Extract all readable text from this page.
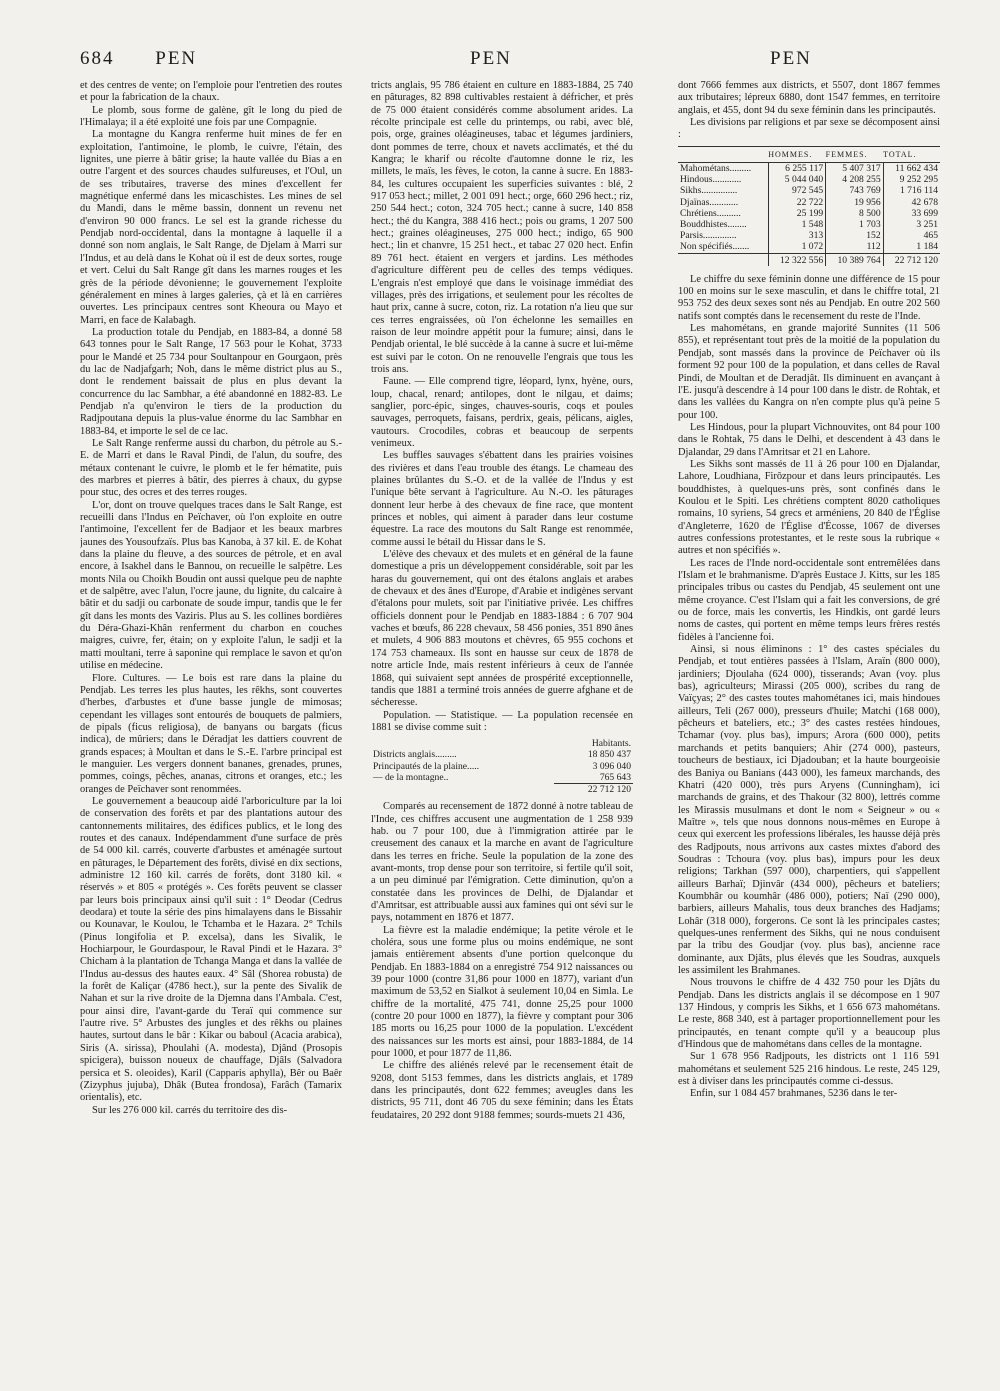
684 PEN	PEN	PEN

et des centres de vente; on l'emploie pour l'entretien des routes et pour la fabrication de la chaux.

Le plomb, sous forme de galène, gît le long du pied de l'Himalaya; il a été exploité une fois par une Compagnie.

La montagne du Kangra renferme huit mines de fer en exploitation, l'antimoine, le plomb, le cuivre, l'étain, des lignites, une pierre à bâtir grise; la haute vallée du Bias a en outre l'argent et des sources chaudes sulfureuses, et l'Oul, un de ses tributaires, traverse des mines d'excellent fer magnétique enfermé dans les micaschistes. Les mines de sel du Mandi, dans le même bassin, donnent un revenu net d'environ 90 000 francs. Le sel est la grande richesse du Pendjab nord-occidental, dans la montagne à laquelle il a donné son nom anglais, le Salt Range, de Djelam à Marri sur l'Indus, et au delà dans le Kohat où il est de deux sortes, rouge et vert. Celui du Salt Range gît dans les marnes rouges et les grès de la période dévonienne; le gouvernement l'exploite généralement en mines à larges galeries, çà et là en carrières ouvertes. Les principaux centres sont Kheoura ou Mayo et Marri, en face de Kalabagh.

La production totale du Pendjab, en 1883-84, a donné 58 643 tonnes pour le Salt Range, 17 563 pour le Kohat, 3733 pour le Mandé et 25 734 pour Soultanpour en Gourgaon, près du lac de Nadjafgarh; Noh, dans le même district plus au S., dont le rendement baissait de plus en plus devant la concurrence du lac Sambhar, a été abandonné en 1882-83. Le Pendjab n'a qu'environ le tiers de la production du Radjpoutana depuis la plus-value énorme du lac Sambhar en 1883-84, et importe le sel de ce lac.

Le Salt Range renferme aussi du charbon, du pétrole au S.-E. de Marri et dans le Raval Pindi, de l'alun, du soufre, des métaux contenant le cuivre, le plomb et le fer hématite, puis des marbres et pierres à bâtir, des pierres à chaux, du gypse pour stuc, des ocres et des terres rouges.

L'or, dont on trouve quelques traces dans le Salt Range, est recueilli dans l'Indus en Peïchaver, où l'on exploite en outre l'antimoine, l'excellent fer de Badjaor et les beaux marbres jaunes des Yousoufzaïs. Plus bas Kanoba, à 37 kil. E. de Kohat dans la plaine du fleuve, a des sources de pétrole, et en aval encore, à Isakhel dans le Bannou, on recueille le salpêtre. Les monts Nila ou Choikh Boudin ont aussi quelque peu de naphte et de salpêtre, avec l'alun, l'ocre jaune, du lignite, du calcaire à bâtir et du sadji ou carbonate de soude impur, tandis que le fer gît dans les monts des Vaziris. Plus au S. les collines bordières du Déra-Ghazi-Khân renferment du charbon en couches maigres, cuivre, fer, étain; on y exploite l'alun, le sadji et la matti moultani, terre à saponine qui remplace le savon et qu'on utilise en médecine.

Flore. Cultures. — Le bois est rare dans la plaine du Pendjab. Les terres les plus hautes, les rêkhs, sont couvertes d'herbes, d'arbustes et d'une basse jungle de mimosas; cependant les villages sont entourés de bouquets de palmiers, de pipals (ficus religiosa), de banyans ou bargats (ficus indica), de mûriers; dans le Déradjat les dattiers couvrent de grands espaces; à Moultan et dans le S.-E. l'arbre principal est le manguier. Les vergers donnent bananes, grenades, prunes, pommes, coings, pêches, ananas, citrons et oranges, etc.; les oranges de Peïchaver sont renommées.

Le gouvernement a beaucoup aidé l'arboriculture par la loi de conservation des forêts et par des plantations autour des cantonnements militaires, des édifices publics, et le long des routes et des canaux. Indépendamment d'une surface de près de 54 000 kil. carrés, couverte d'arbustes et aménagée surtout en pâturages, le Département des forêts, divisé en dix sections, administre 12 160 kil. carrés de forêts, dont 3180 kil. « réservés » et 805 « protégés ». Ces forêts peuvent se classer par leurs bois principaux ainsi qu'il suit : 1° Deodar (Cedrus deodara) et toute la série des pins himalayens dans le Bissahir ou Kounavar, le Koulou, le Tchamba et le Hazara. 2° Tchils (Pinus longifolia et P. excelsa), dans les Sivalik, le Hochiarpour, le Gourdaspour, le Raval Pindi et le Hazara. 3° Chicham à la plantation de Tchanga Manga et dans la vallée de l'Indus au-dessus des hautes eaux. 4° Sâl (Shorea robusta) de la forêt de Kaliçar (4786 hect.), sur la pente des Sivalik de Nahan et sur la rive droite de la Djemna dans l'Ambala. C'est, pour ainsi dire, l'avant-garde du Teraï qui commence sur l'autre rive. 5° Arbustes des jungles et des rêkhs ou plaines hautes, surtout dans le bâr : Kikar ou baboul (Acacia arabica), Siris (A. sirissa), Phoulahi (A. modesta), Djând (Prosopis spicigera), buisson noueux de chauffage, Djâls (Salvadora persica et S. oleoides), Karil (Capparis aphylla), Bêr ou Baêr (Zizyphus jujuba), Dhâk (Butea frondosa), Farâch (Tamarix orientalis), etc.

Sur les 276 000 kil. carrés du territoire des dis-

tricts anglais, 95 786 étaient en culture en 1883-1884, 25 740 en pâturages, 82 898 cultivables restaient à défricher, et près de 75 000 étaient considérés comme absolument arides. La récolte principale est celle du printemps, ou rabi, avec blé, pois, orge, graines oléagineuses, tabac et légumes jardiniers, dont pommes de terre, choux et navets acclimatés, et thé du Kangra; le kharif ou récolte d'automne donne le riz, les millets, le maïs, les fèves, le coton, la canne à sucre. En 1883-84, les cultures occupaient les superficies suivantes : blé, 2 917 053 hect.; millet, 2 001 091 hect.; orge, 660 296 hect.; riz, 250 544 hect.; coton, 324 705 hect.; canne à sucre, 140 858 hect.; thé du Kangra, 388 416 hect.; pois ou grams, 1 207 500 hect.; graines oléagineuses, 275 000 hect.; indigo, 65 900 hect.; lin et chanvre, 15 251 hect., et tabac 27 020 hect. Enfin 89 761 hect. étaient en vergers et jardins. Les méthodes d'agriculture diffèrent peu de celles des temps védiques. L'engrais n'est employé que dans le voisinage immédiat des villages, près des irrigations, et seulement pour les récoltes de haut prix, canne à sucre, coton, riz. La rotation n'a lieu que sur ces terres engraissées, où l'on échelonne les semailles en raison de leur moindre appétit pour la fumure; ainsi, dans le Pendjab oriental, le blé succède à la canne à sucre et lui-même est suivi par le coton. On ne renouvelle l'engrais que tous les trois ans.

Faune. — Elle comprend tigre, léopard, lynx, hyène, ours, loup, chacal, renard; antilopes, dont le nilgau, et daims; sanglier, porc-épic, singes, chauves-souris, coqs et poules sauvages, perroquets, faisans, perdrix, geais, pélicans, aigles, vautours. Crocodiles, cobras et beaucoup de serpents venimeux.

Les buffles sauvages s'ébattent dans les prairies voisines des rivières et dans l'eau trouble des étangs. Le chameau des plaines brûlantes du S.-O. et de la vallée de l'Indus y est l'unique bête servant à l'agriculture. Au N.-O. les pâturages donnent leur herbe à des chevaux de fine race, que montent princes et nobles, qui aiment à parader dans leur costume équestre. La race des moutons du Salt Range est renommée, comme aussi le bétail du Hissar dans le S.

L'élève des chevaux et des mulets et en général de la faune domestique a pris un développement considérable, soit par les haras du gouvernement, qui ont des étalons anglais et arabes de chevaux et des ânes d'Europe, d'Arabie et indigènes servant d'étalons pour mulets, soit par l'initiative privée. Les chiffres officiels donnent pour le Pendjab en 1883-1884 : 6 707 904 vaches et bœufs, 86 228 chevaux, 58 456 ponies, 351 890 ânes et mulets, 4 906 883 moutons et chèvres, 65 955 cochons et 174 753 chameaux. Ils sont en hausse sur ceux de 1878 de notre article Inde, mais restent inférieurs à ceux de l'année 1868, qui suivaient sept années de prospérité exceptionnelle, tandis que 1881 a terminé trois années de guerre afghane et de sécheresse.

Population. — Statistique. — La population recensée en 1881 se divise comme suit :

	Habitants.
Districts anglais.........	18 850 437
Principautés de la plaine.....	3 096 040
— de la montagne..	765 643
	22 712 120

Comparés au recensement de 1872 donné à notre tableau de l'Inde, ces chiffres accusent une augmentation de 1 258 939 hab. ou 7 pour 100, due à l'immigration attirée par le creusement des canaux et la marche en avant de l'agriculture dans les terres en friche. Seule la population de la zone des avant-monts, trop dense pour son territoire, si fertile qu'il soit, a un peu diminué par l'émigration. Cette diminution, qu'on a constatée dans les provinces de Delhi, de Djalandar et d'Amritsar, est attribuable aussi aux famines qui ont sévi sur le pays, notamment en 1876 et 1877.

La fièvre est la maladie endémique; la petite vérole et le choléra, sous une forme plus ou moins endémique, ne sont jamais entièrement absents d'une portion quelconque du Pendjab. En 1883-1884 on a enregistré 754 912 naissances ou 39 pour 1000 (contre 31,86 pour 1000 en 1877), variant d'un maximum de 53,52 en Sialkot à seulement 10,04 en Simla. Le chiffre de la mortalité, 475 741, donne 25,25 pour 1000 (contre 20 pour 1000 en 1877), la fièvre y comptant pour 306 185 morts ou 16,25 pour 1000 de la population. L'excédent des naissances sur les morts est ainsi, pour 1883-1884, de 14 pour 1000, et pour 1877 de 11,86.

Le chiffre des aliénés relevé par le recensement était de 9208, dont 5153 femmes, dans les districts anglais, et 1789 dans les principautés, dont 622 femmes; aveugles dans les districts, 95 711, dont 46 705 du sexe féminin; dans les États feudataires, 20 292 dont 9188 femmes; sourds-muets 21 436,

dont 7666 femmes aux districts, et 5507, dont 1867 femmes aux tributaires; lépreux 6880, dont 1547 femmes, en territoire anglais, et 455, dont 94 du sexe féminin dans les principautés.

Les divisions par religions et par sexe se décomposent ainsi :

	HOMMES.	FEMMES.	TOTAL.
Mahométans.........	6 255 117	5 407 317	11 662 434
Hindous............	5 044 040	4 208 255	9 252 295
Sikhs...............	972 545	743 769	1 716 114
Djaïnas............	22 722	19 956	42 678
Chrétiens..........	25 199	8 500	33 699
Bouddhistes........	1 548	1 703	3 251
Parsis..............	313	152	465
Non spécifiés.......	1 072	112	1 184
	12 322 556	10 389 764	22 712 120

Le chiffre du sexe féminin donne une différence de 15 pour 100 en moins sur le sexe masculin, et dans le chiffre total, 21 953 752 des deux sexes sont nés au Pendjab. En outre 202 560 natifs sont comptés dans le recensement du reste de l'Inde.

Les mahométans, en grande majorité Sunnites (11 506 855), et représentant tout près de la moitié de la population du Pendjab, sont massés dans la province de Peïchaver où ils forment 92 pour 100 de la population, et dans celles de Raval Pindi, de Moultan et de Deradjât. Ils diminuent en avançant à l'E. jusqu'à descendre à 14 pour 100 dans le distr. de Rohtak, et dans les vallées du Kangra on n'en compte plus qu'à peine 5 pour 100.

Les Hindous, pour la plupart Vichnouvites, ont 84 pour 100 dans le Rohtak, 75 dans le Delhi, et descendent à 43 dans le Djalandar, 29 dans l'Amritsar et 21 en Lahore.

Les Sikhs sont massés de 11 à 26 pour 100 en Djalandar, Lahore, Loudhiana, Firôzpour et dans leurs principautés. Les bouddhistes, à quelques-uns près, sont confinés dans le Koulou et le Spiti. Les chrétiens comptent 8020 catholiques romains, 10 syriens, 54 grecs et arméniens, 20 840 de l'Église d'Angleterre, 1620 de l'Église d'Écosse, 1067 de diverses autres confessions protestantes, et le reste sous la rubrique « autres et non spécifiés ».

Les races de l'Inde nord-occidentale sont entremêlées dans l'Islam et le brahmanisme. D'après Eustace J. Kitts, sur les 185 principales tribus ou castes du Pendjab, 45 seulement ont une même croyance. C'est l'Islam qui a fait les conversions, de gré ou de force, mais les convertis, les Hindkis, ont gardé leurs noms de castes, qui portent en même temps leurs frères restés fidèles à l'ancienne foi.

Ainsi, si nous éliminons : 1° des castes spéciales du Pendjab, et tout entières passées à l'Islam, Araïn (800 000), jardiniers; Djoulaha (624 000), tisserands; Avan (voy. plus bas), agriculteurs; Mirassi (205 000), scribes du rang de Vaïçyas; 2° des castes toutes mahométanes ici, mais hindoues ailleurs, Teli (267 000), presseurs d'huile; Matchi (168 000), pêcheurs et bateliers, etc.; 3° des castes restées hindoues, Tchamar (voy. plus bas), impurs; Arora (600 000), petits marchands et petits banquiers; Ahir (274 000), pasteurs, toucheurs de bestiaux, ici Djadouban; et la haute bourgeoisie des Baniya ou Banians (443 000), les fameux marchands, des Khatri (420 000), très purs Aryens (Cunningham), ici marchands de grains, et des Thakour (32 800), lettrés comme les Mirassis musulmans et dont le nom « Seigneur » ou « Maître », tels que nous donnons nous-mêmes en Europe à ceux qui exercent les professions libérales, les hausse déjà près des Radjpouts, nous arrivons aux castes mixtes d'abord des Soudras : Tchoura (voy. plus bas), impurs pour les deux religions; Tarkhan (597 000), charpentiers, qui s'appellent ailleurs Barhaï; Djinvâr (434 000), pêcheurs et bateliers; Koumbhâr ou koumhâr (486 000), potiers; Naï (290 000), barbiers, ailleurs Mahalis, tous deux branches des Hadjams; Lohâr (318 000), forgerons. Ce sont là les principales castes; quelques-unes renferment des Sikhs, qui ne nous conduisent par la tribu des Goudjar (voy. plus bas), ancienne race dominante, aux Djâts, plus élevés que les Soudras, auxquels les assimilent les Brahmanes.

Nous trouvons le chiffre de 4 432 750 pour les Djâts du Pendjab. Dans les districts anglais il se décompose en 1 907 137 Hindous, y compris les Sikhs, et 1 656 673 mahométans. Le reste, 868 340, est à partager proportionnellement pour les principautés, en tenant compte qu'il y a beaucoup plus d'Hindous que de mahométans dans celles de la montagne.

Sur 1 678 956 Radjpouts, les districts ont 1 116 591 mahométans et seulement 525 216 hindous. Le reste, 245 129, est à diviser dans les principautés comme ci-dessus.

Enfin, sur 1 084 457 brahmanes, 5236 dans le ter-
